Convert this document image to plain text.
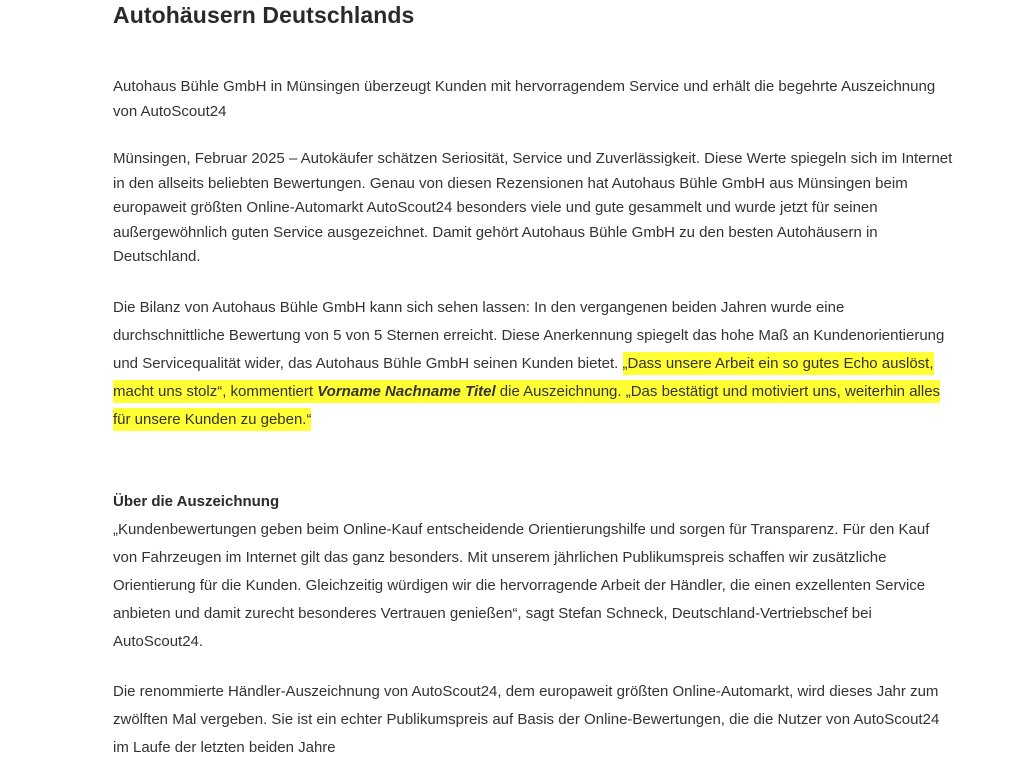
Autohäusern Deutschlands

Autohaus Bühle GmbH in Münsingen überzeugt Kunden mit hervorragendem Service und erhält die begehrte Auszeichnung von AutoScout24

Münsingen, Februar 2025 – Autokäufer schätzen Seriosität, Service und Zuverlässigkeit. Diese Werte spiegeln sich im Internet in den allseits beliebten Bewertungen. Genau von diesen Rezensionen hat Autohaus Bühle GmbH aus Münsingen beim europaweit größten Online-Automarkt AutoScout24 besonders viele und gute gesammelt und wurde jetzt für seinen außergewöhnlich guten Service ausgezeichnet. Damit gehört Autohaus Bühle GmbH zu den besten Autohäusern in Deutschland.

Die Bilanz von Autohaus Bühle GmbH kann sich sehen lassen: In den vergangenen beiden Jahren wurde eine durchschnittliche Bewertung von 5 von 5 Sternen erreicht. Diese Anerkennung spiegelt das hohe Maß an Kundenorientierung und Servicequalität wider, das Autohaus Bühle GmbH seinen Kunden bietet. „Dass unsere Arbeit ein so gutes Echo auslöst, macht uns stolz“, kommentiert Vorname Nachname Titel die Auszeichnung. „Das bestätigt und motiviert uns, weiterhin alles für unsere Kunden zu geben.“

Über die Auszeichnung
„Kundenbewertungen geben beim Online-Kauf entscheidende Orientierungshilfe und sorgen für Transparenz. Für den Kauf von Fahrzeugen im Internet gilt das ganz besonders. Mit unserem jährlichen Publikumspreis schaffen wir zusätzliche Orientierung für die Kunden. Gleichzeitig würdigen wir die hervorragende Arbeit der Händler, die einen exzellenten Service anbieten und damit zurecht besonderes Vertrauen genießen“, sagt Stefan Schneck, Deutschland-Vertriebschef bei AutoScout24.

Die renommierte Händler-Auszeichnung von AutoScout24, dem europaweit größten Online-Automarkt, wird dieses Jahr zum zwölften Mal vergeben. Sie ist ein echter Publikumspreis auf Basis der Online-Bewertungen, die die Nutzer von AutoScout24 im Laufe der letzten beiden Jahre
